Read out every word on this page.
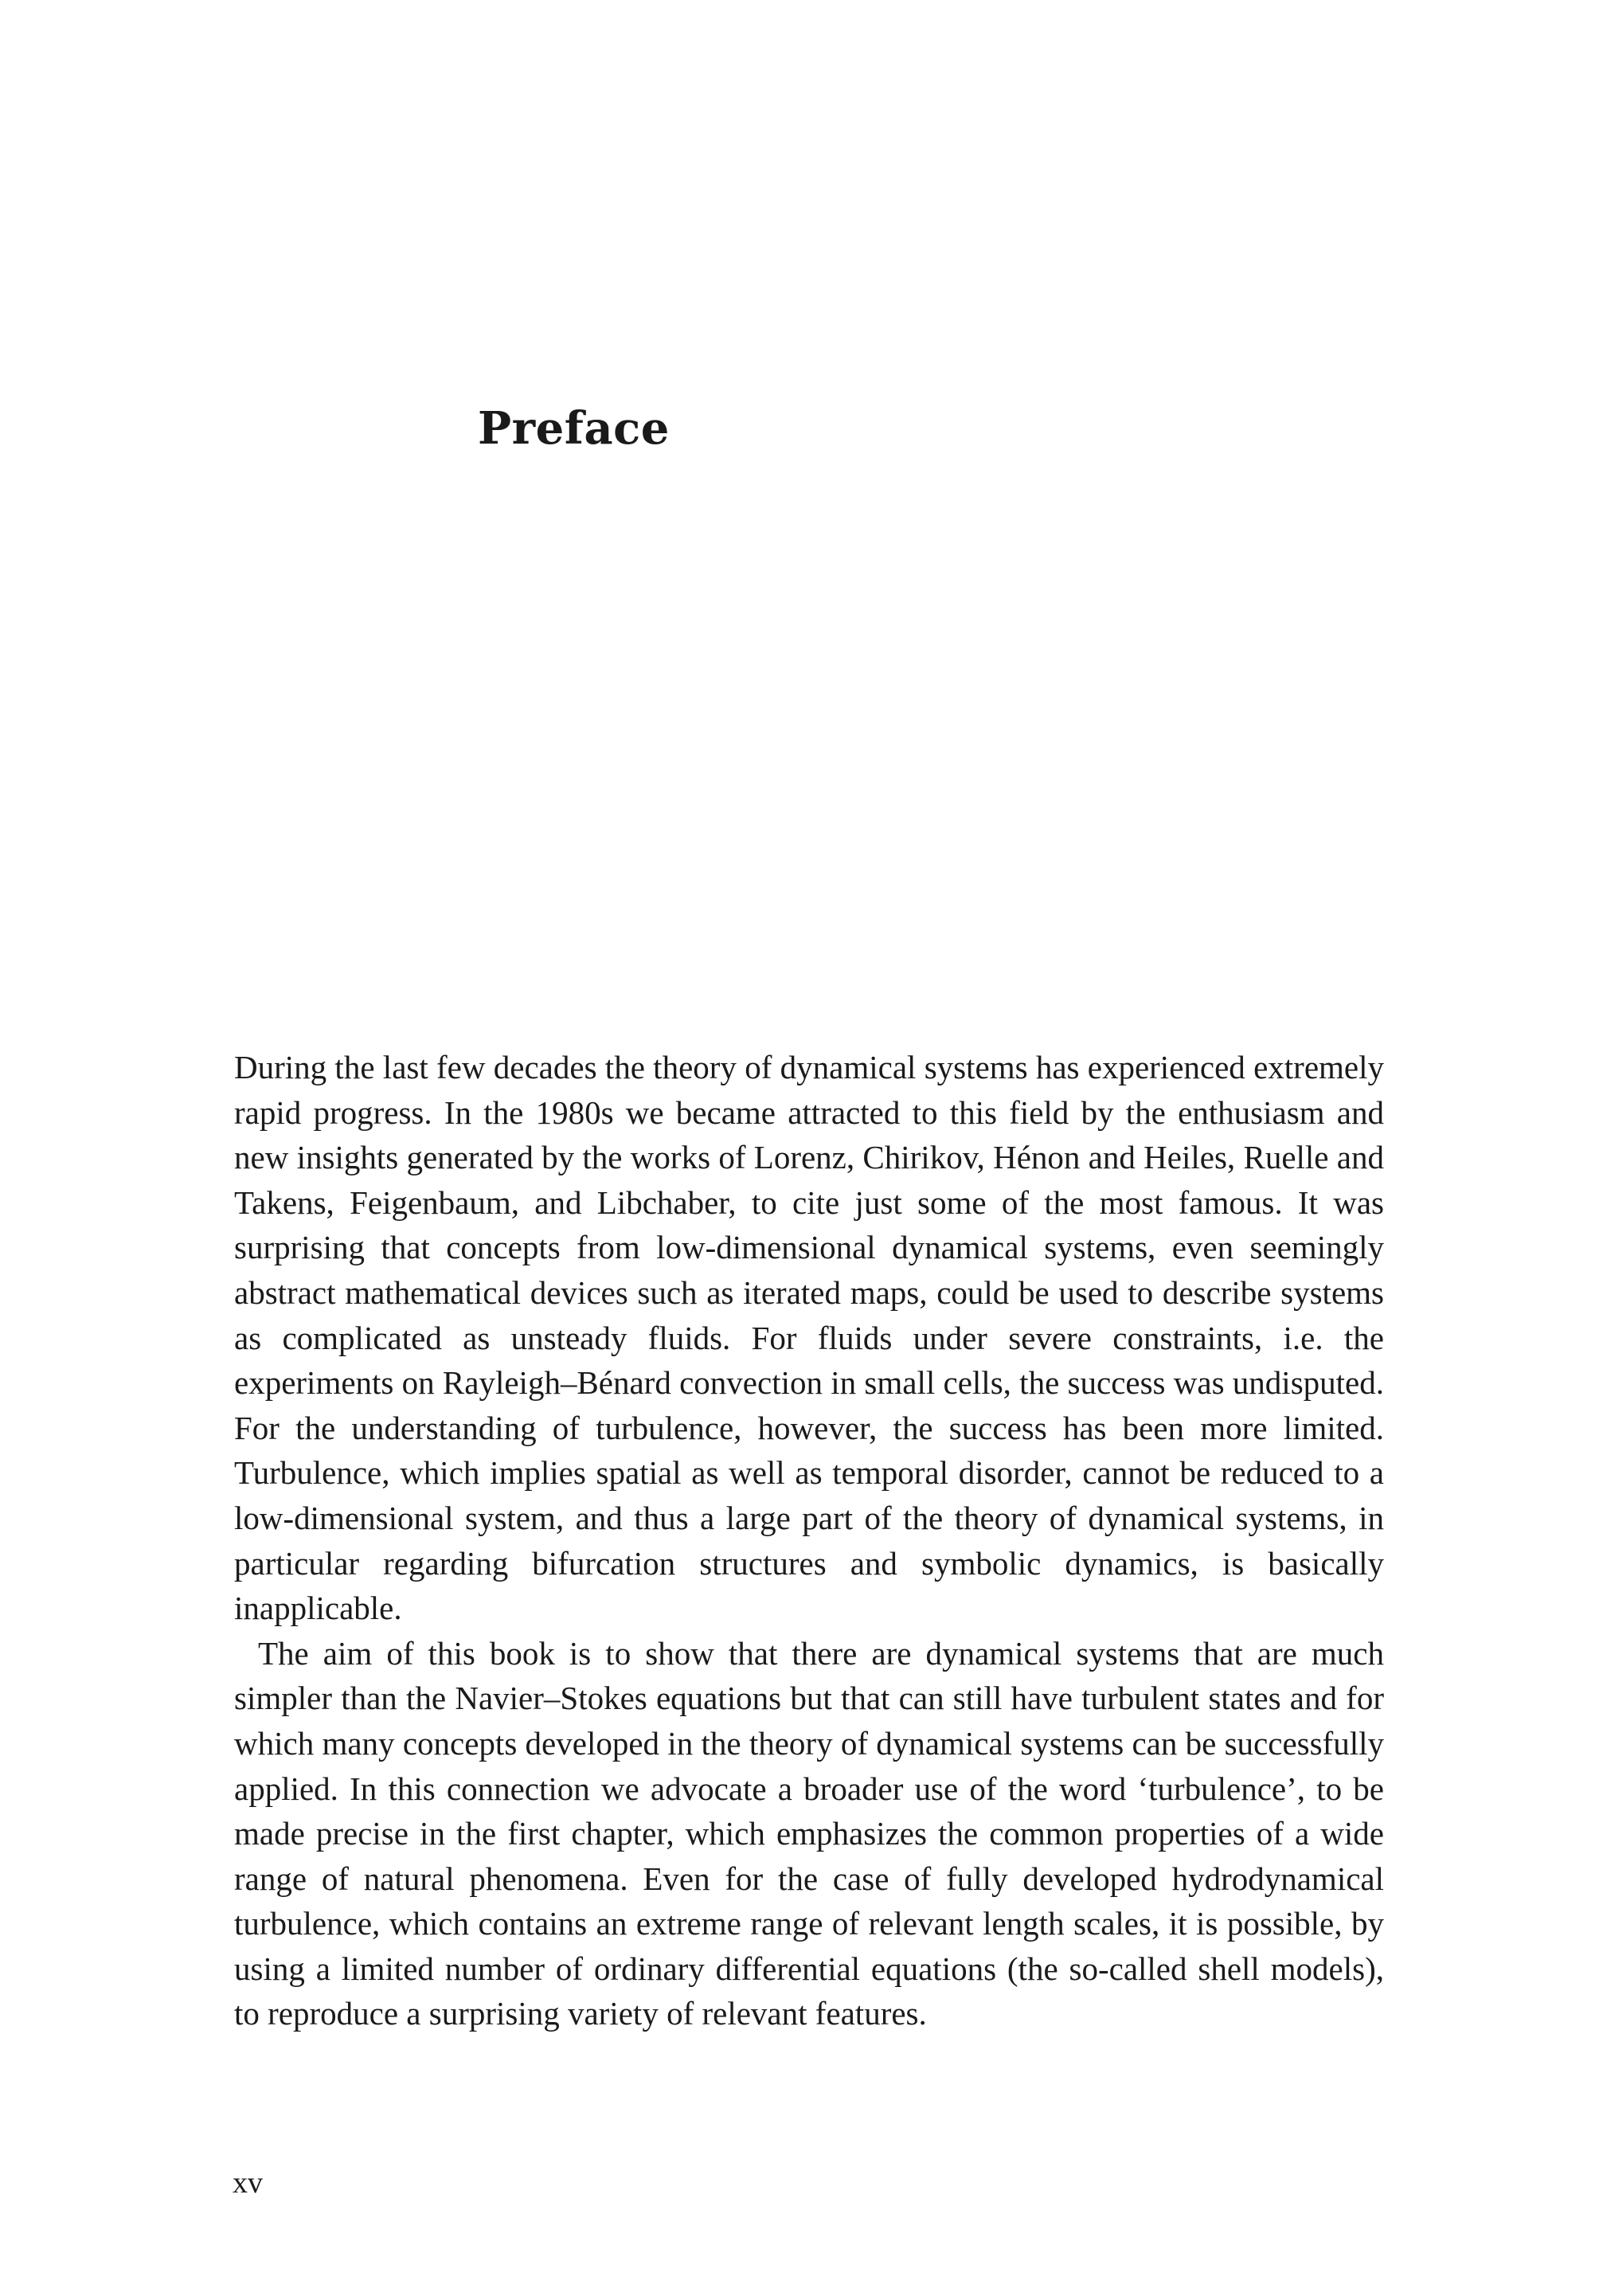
Preface

During the last few decades the theory of dynamical systems has experienced extremely rapid progress. In the 1980s we became attracted to this field by the enthusiasm and new insights generated by the works of Lorenz, Chirikov, Hénon and Heiles, Ruelle and Takens, Feigenbaum, and Libchaber, to cite just some of the most famous. It was surprising that concepts from low-dimensional dynamical systems, even seemingly abstract mathematical devices such as iterated maps, could be used to describe systems as complicated as unsteady fluids. For fluids under severe constraints, i.e. the experiments on Rayleigh–Bénard convection in small cells, the success was undisputed. For the understanding of turbulence, however, the success has been more limited. Turbulence, which implies spatial as well as temporal disorder, cannot be reduced to a low-dimensional system, and thus a large part of the theory of dynamical systems, in particular regarding bifurcation structures and symbolic dynamics, is basically inapplicable.

The aim of this book is to show that there are dynamical systems that are much simpler than the Navier–Stokes equations but that can still have turbulent states and for which many concepts developed in the theory of dynamical systems can be successfully applied. In this connection we advocate a broader use of the word ‘turbulence’, to be made precise in the first chapter, which emphasizes the common properties of a wide range of natural phenomena. Even for the case of fully developed hydrodynamical turbulence, which contains an extreme range of relevant length scales, it is possible, by using a limited number of ordinary differential equations (the so-called shell models), to reproduce a surprising variety of relevant features.

xv
